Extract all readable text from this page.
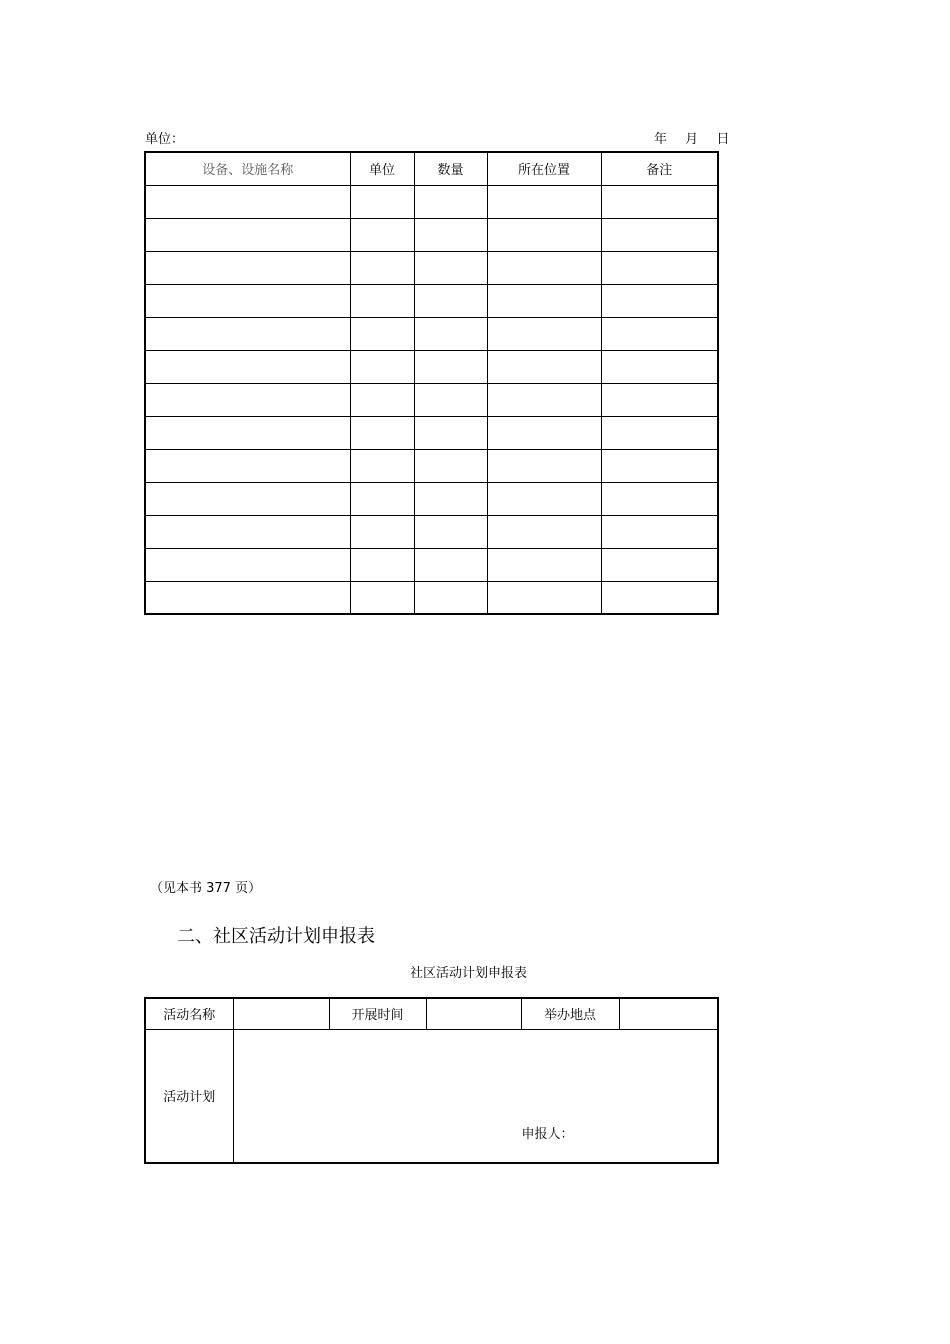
单位：	年 月 日
设备、设施名称	单位	数量	所在位置	备注

（见本书 377 页）
二、社区活动计划申报表
社区活动计划申报表
活动名称		开展时间		举办地点	
活动计划	申报人：				
